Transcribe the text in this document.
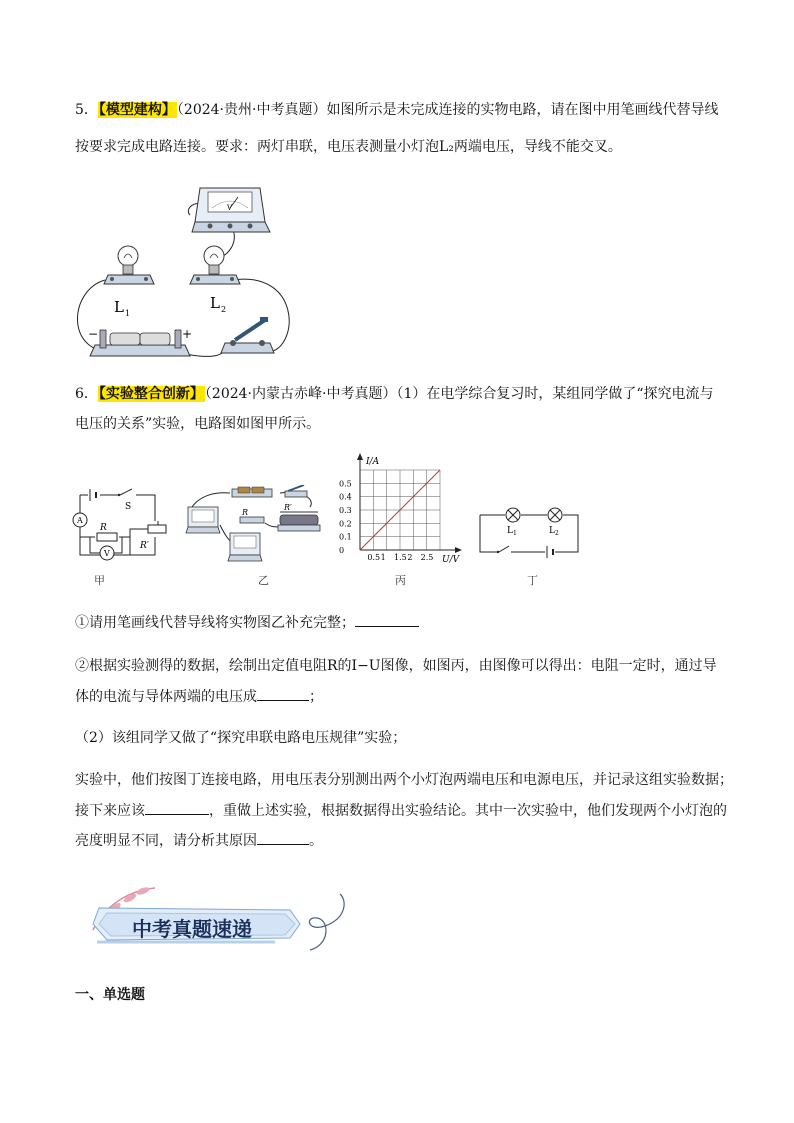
5．【模型建构】（2024·贵州·中考真题）如图所示是未完成连接的实物电路，请在图中用笔画线代替导线
按要求完成电路连接。要求：两灯串联，电压表测量小灯泡L₂两端电压，导线不能交叉。
V
L 1
L 2
−	+
6．【实验整合创新】（2024·内蒙古赤峰·中考真题）（1）在电学综合复习时，某组同学做了“探究电流与
电压的关系”实验，电路图如图甲所示。
S
A
R
R′
V
甲
R
R′
乙
I/A
U/V
0.5
0.4
0.3
0.2
0.1
0
0.5 1 1.5 2 2.5
丙
L 1	L 2
丁
①请用笔画线代替导线将实物图乙补充完整；
②根据实验测得的数据，绘制出定值电阻R的I−U图像，如图丙，由图像可以得出：电阻一定时，通过导
体的电流与导体两端的电压成	；
（2）该组同学又做了“探究串联电路电压规律”实验；
实验中，他们按图丁连接电路，用电压表分别测出两个小灯泡两端电压和电源电压，并记录这组实验数据；
接下来应该	，重做上述实验，根据数据得出实验结论。其中一次实验中，他们发现两个小灯泡的
亮度明显不同，请分析其原因	。
中考真题速递
一、单选题
